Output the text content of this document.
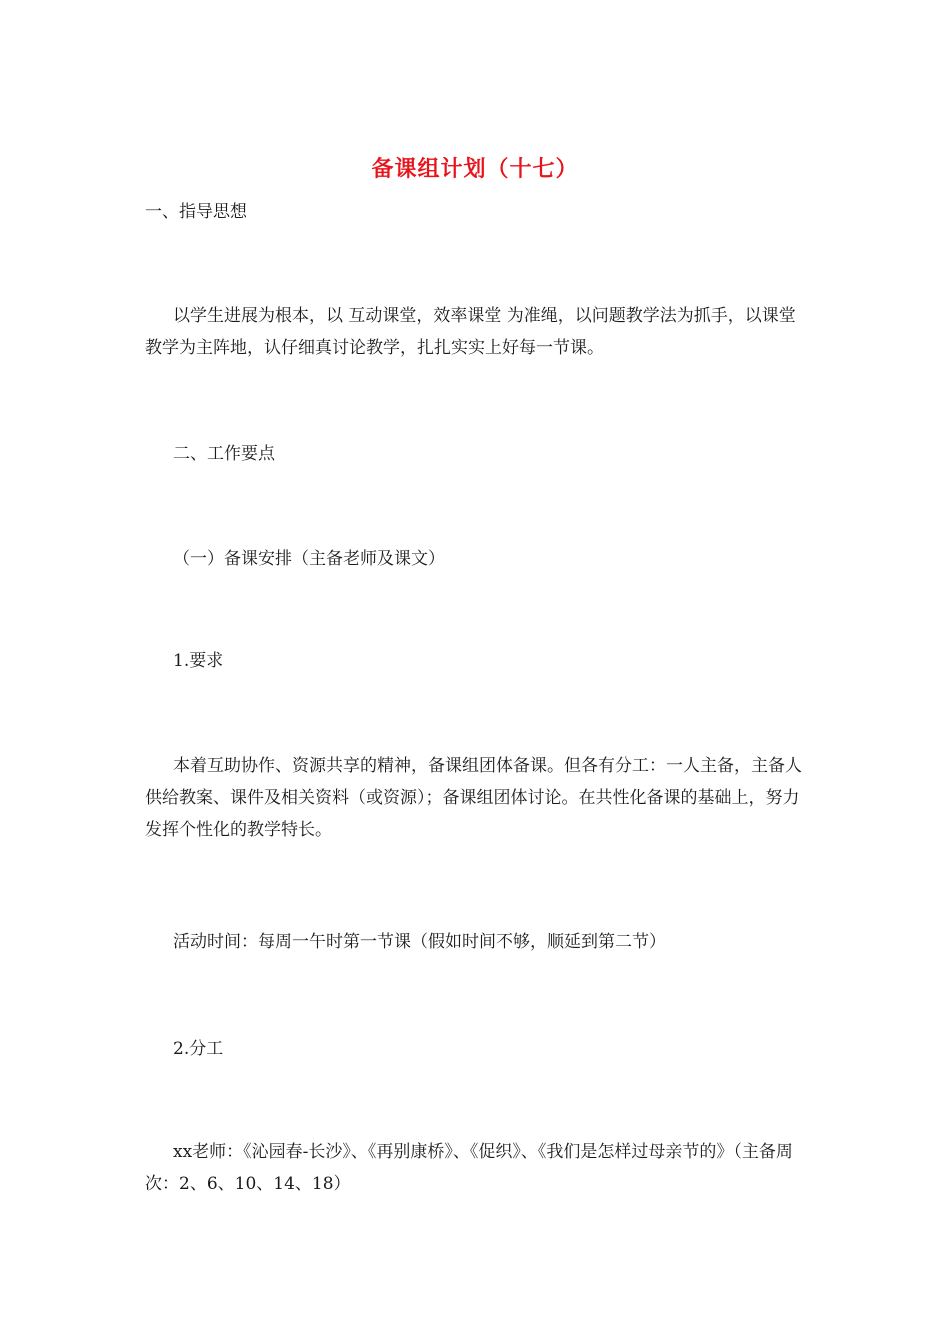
备课组计划（十七）

一、指导思想

以学生进展为根本，以 互动课堂，效率课堂 为准绳，以问题教学法为抓手，以课堂教学为主阵地，认仔细真讨论教学，扎扎实实上好每一节课。

二、工作要点

（一）备课安排（主备老师及课文）

1.要求

本着互助协作、资源共享的精神，备课组团体备课。但各有分工：一人主备，主备人供给教案、课件及相关资料（或资源）；备课组团体讨论。在共性化备课的基础上，努力发挥个性化的教学特长。

活动时间：每周一午时第一节课（假如时间不够，顺延到第二节）

2.分工

xx老师：《沁园春-长沙》、《再别康桥》、《促织》、《我们是怎样过母亲节的》（主备周次：2、6、10、14、18）
